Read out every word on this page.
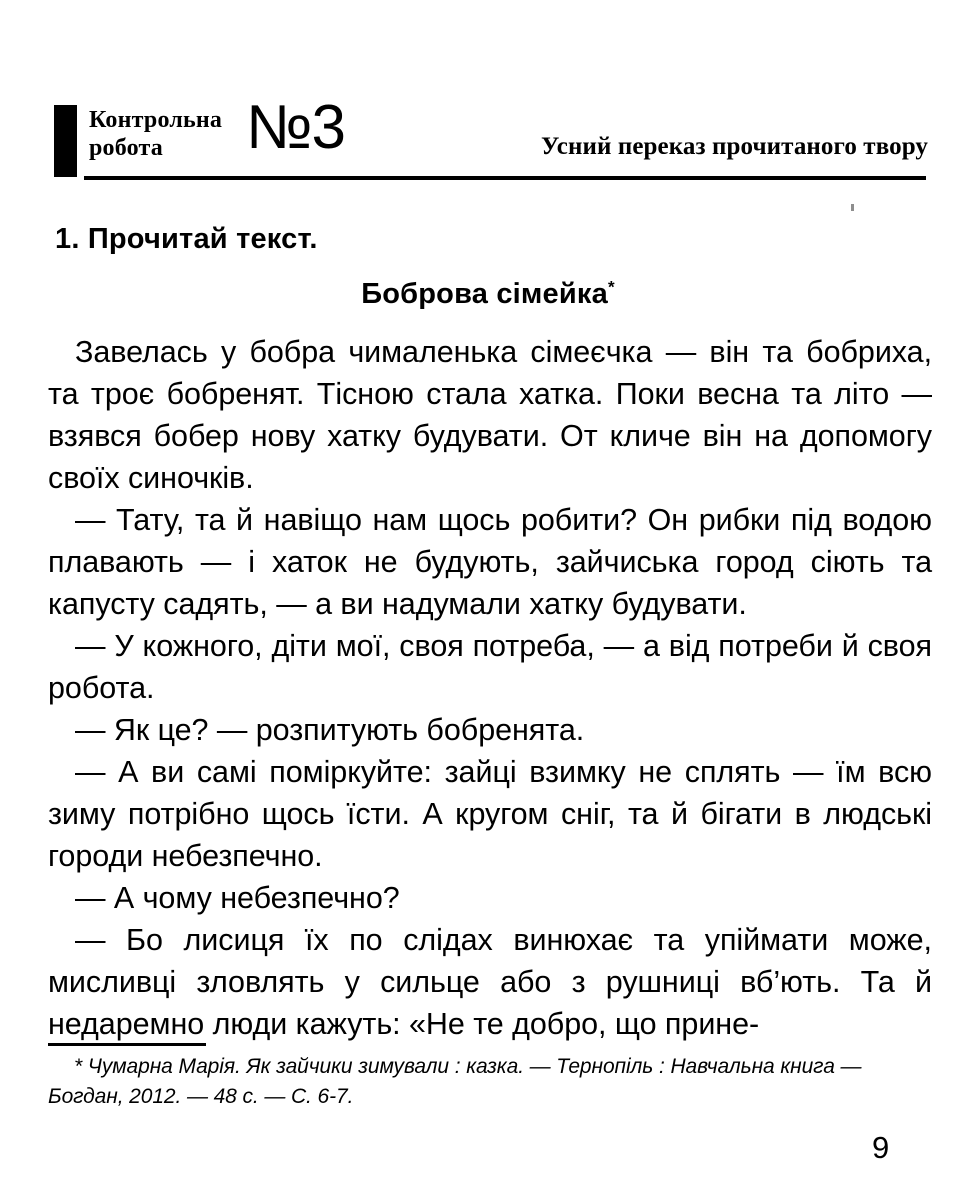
Контрольна
робота	№3	Усний переказ прочитаного твору
1. Прочитай текст.
Боброва сімейка*

Завелась у бобра чималенька сімеєчка — він та бобриха, та троє бобренят. Тісною стала хатка. Поки весна та літо — взявся бобер нову хатку будувати. От кличе він на допомогу своїх синочків.

— Тату, та й навіщо нам щось робити? Он рибки під водою плавають — і хаток не будують, зайчиська город сіють та капусту садять, — а ви надумали хатку будувати.

— У кожного, діти мої, своя потреба, — а від потреби й своя робота.

— Як це? — розпитують бобренята.

— А ви самі поміркуйте: зайці взимку не сплять — їм всю зиму потрібно щось їсти. А кругом сніг, та й бігати в людські городи небезпечно.

— А чому небезпечно?

— Бо лисиця їх по слідах винюхає та упіймати може, мисливці зловлять у сильце або з рушниці вб’ють. Та й недаремно люди кажуть: «Не те добро, що прине-

* Чумарна Марія. Як зайчики зимували : казка. — Тернопіль : Навчальна книга — Богдан, 2012. — 48 с. — С. 6-7.

9
